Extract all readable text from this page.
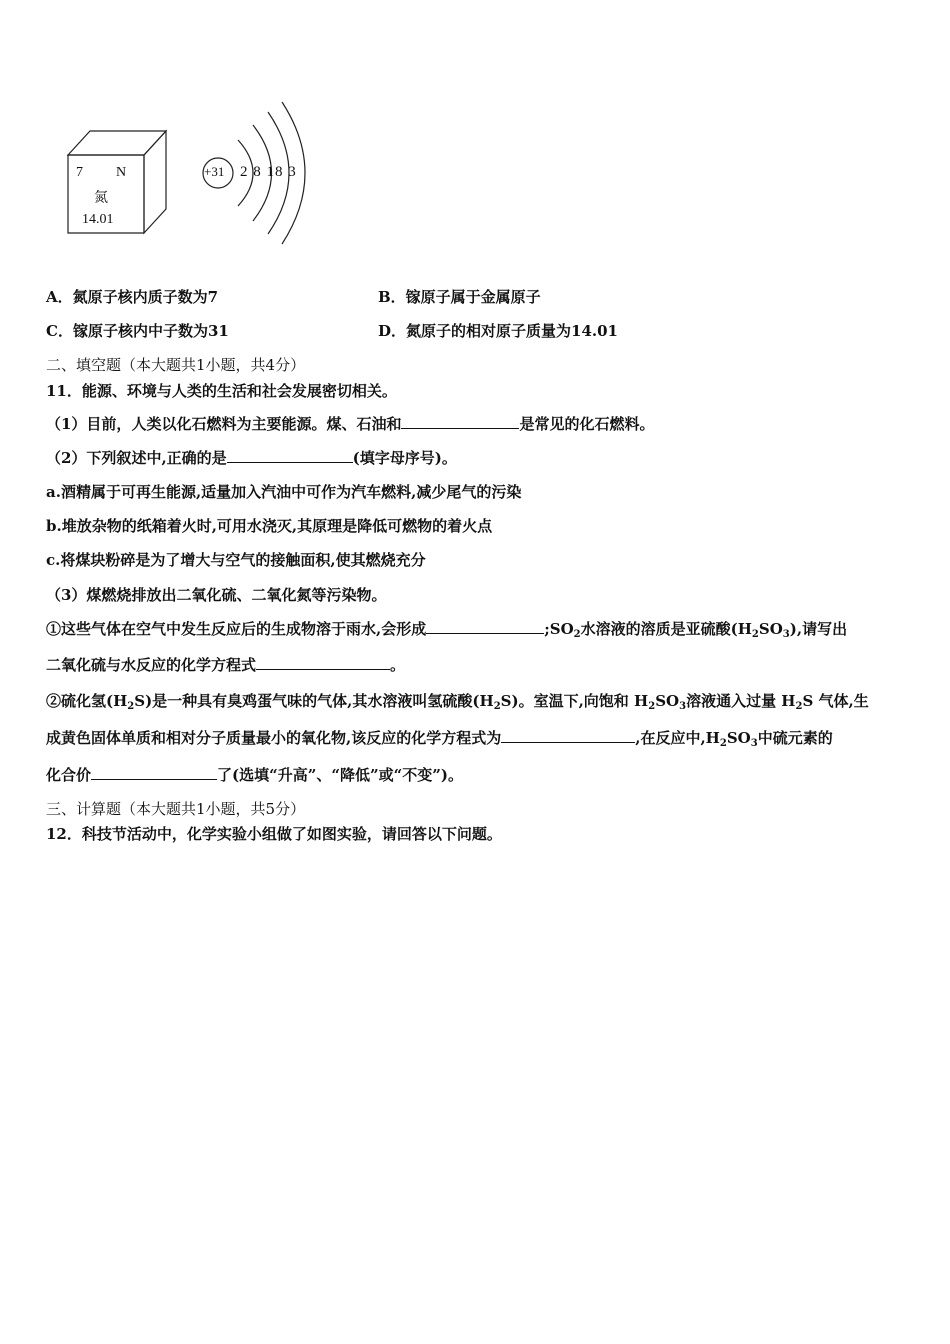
7 N
氮
14.01
+31 2 8 18 3
A．氮原子核内质子数为7	B．镓原子属于金属原子
C．镓原子核内中子数为31	D．氮原子的相对原子质量为14.01
二、填空题（本大题共1小题，共4分）
11．能源、环境与人类的生活和社会发展密切相关。
（1）目前，人类以化石燃料为主要能源。煤、石油和	是常见的化石燃料。
（2）下列叙述中,正确的是	(填字母序号)。
a.酒精属于可再生能源,适量加入汽油中可作为汽车燃料,减少尾气的污染
b.堆放杂物的纸箱着火时,可用水浇灭,其原理是降低可燃物的着火点
c.将煤块粉碎是为了增大与空气的接触面积,使其燃烧充分
（3）煤燃烧排放出二氧化硫、二氧化氮等污染物。
①这些气体在空气中发生反应后的生成物溶于雨水,会形成	$;SO_2$水溶液的溶质是亚硫酸$(H_2SO_3)$,请写出
二氧化硫与水反应的化学方程式	。
②硫化氢$(H_2S)$是一种具有臭鸡蛋气味的气体,其水溶液叫氢硫酸$(H_2S)$。室温下,向饱和 $H_2SO_3$溶液通入过量 $H_2S$ 气体,生
成黄色固体单质和相对分子质量最小的氧化物,该反应的化学方程式为	,在反应中$,H_2SO_3$中硫元素的
化合价	了(选填“升高”、“降低”或“不变”)。
三、计算题（本大题共1小题，共5分）
12．科技节活动中，化学实验小组做了如图实验，请回答以下问题。
